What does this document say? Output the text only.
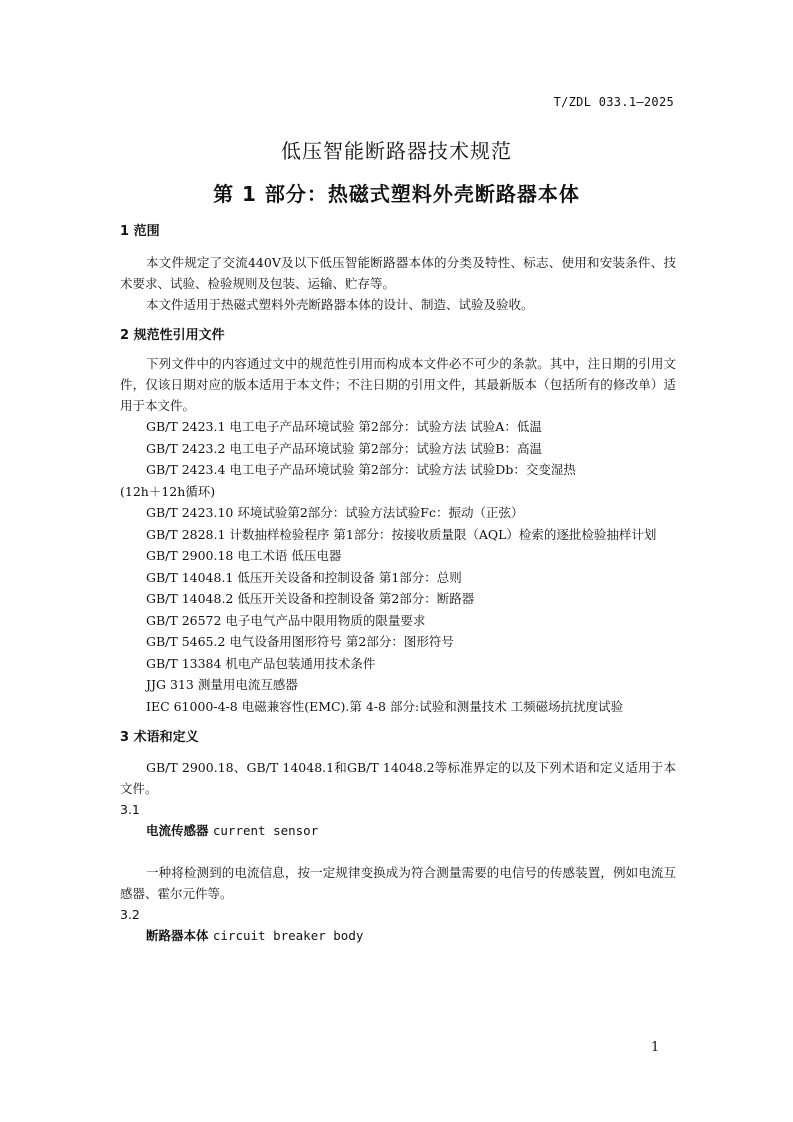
T/ZDL 033.1—2025
低压智能断路器技术规范
第 1 部分：热磁式塑料外壳断路器本体
1 范围
本文件规定了交流440V及以下低压智能断路器本体的分类及特性、标志、使用和安装条件、技术要求、试验、检验规则及包装、运输、贮存等。
本文件适用于热磁式塑料外壳断路器本体的设计、制造、试验及验收。
2 规范性引用文件
下列文件中的内容通过文中的规范性引用而构成本文件必不可少的条款。其中，注日期的引用文件，仅该日期对应的版本适用于本文件；不注日期的引用文件，其最新版本（包括所有的修改单）适用于本文件。
GB/T 2423.1 电工电子产品环境试验 第2部分：试验方法 试验A：低温
GB/T 2423.2 电工电子产品环境试验 第2部分：试验方法 试验B：高温
GB/T 2423.4 电工电子产品环境试验 第2部分：试验方法 试验Db：交变湿热
(12h＋12h循环)
GB/T 2423.10 环境试验第2部分：试验方法试验Fc：振动（正弦）
GB/T 2828.1 计数抽样检验程序 第1部分：按接收质量限（AQL）检索的逐批检验抽样计划
GB/T 2900.18 电工术语 低压电器
GB/T 14048.1 低压开关设备和控制设备 第1部分：总则
GB/T 14048.2 低压开关设备和控制设备 第2部分：断路器
GB/T 26572 电子电气产品中限用物质的限量要求
GB/T 5465.2 电气设备用图形符号 第2部分：图形符号
GB/T 13384 机电产品包装通用技术条件
JJG 313 测量用电流互感器
IEC 61000-4-8 电磁兼容性(EMC).第 4-8 部分:试验和测量技术 工频磁场抗扰度试验
3 术语和定义
GB/T 2900.18、GB/T 14048.1和GB/T 14048.2等标准界定的以及下列术语和定义适用于本文件。
3.1
电流传感器 current sensor
一种将检测到的电流信息，按一定规律变换成为符合测量需要的电信号的传感装置，例如电流互感器、霍尔元件等。
3.2
断路器本体 circuit breaker body
1
